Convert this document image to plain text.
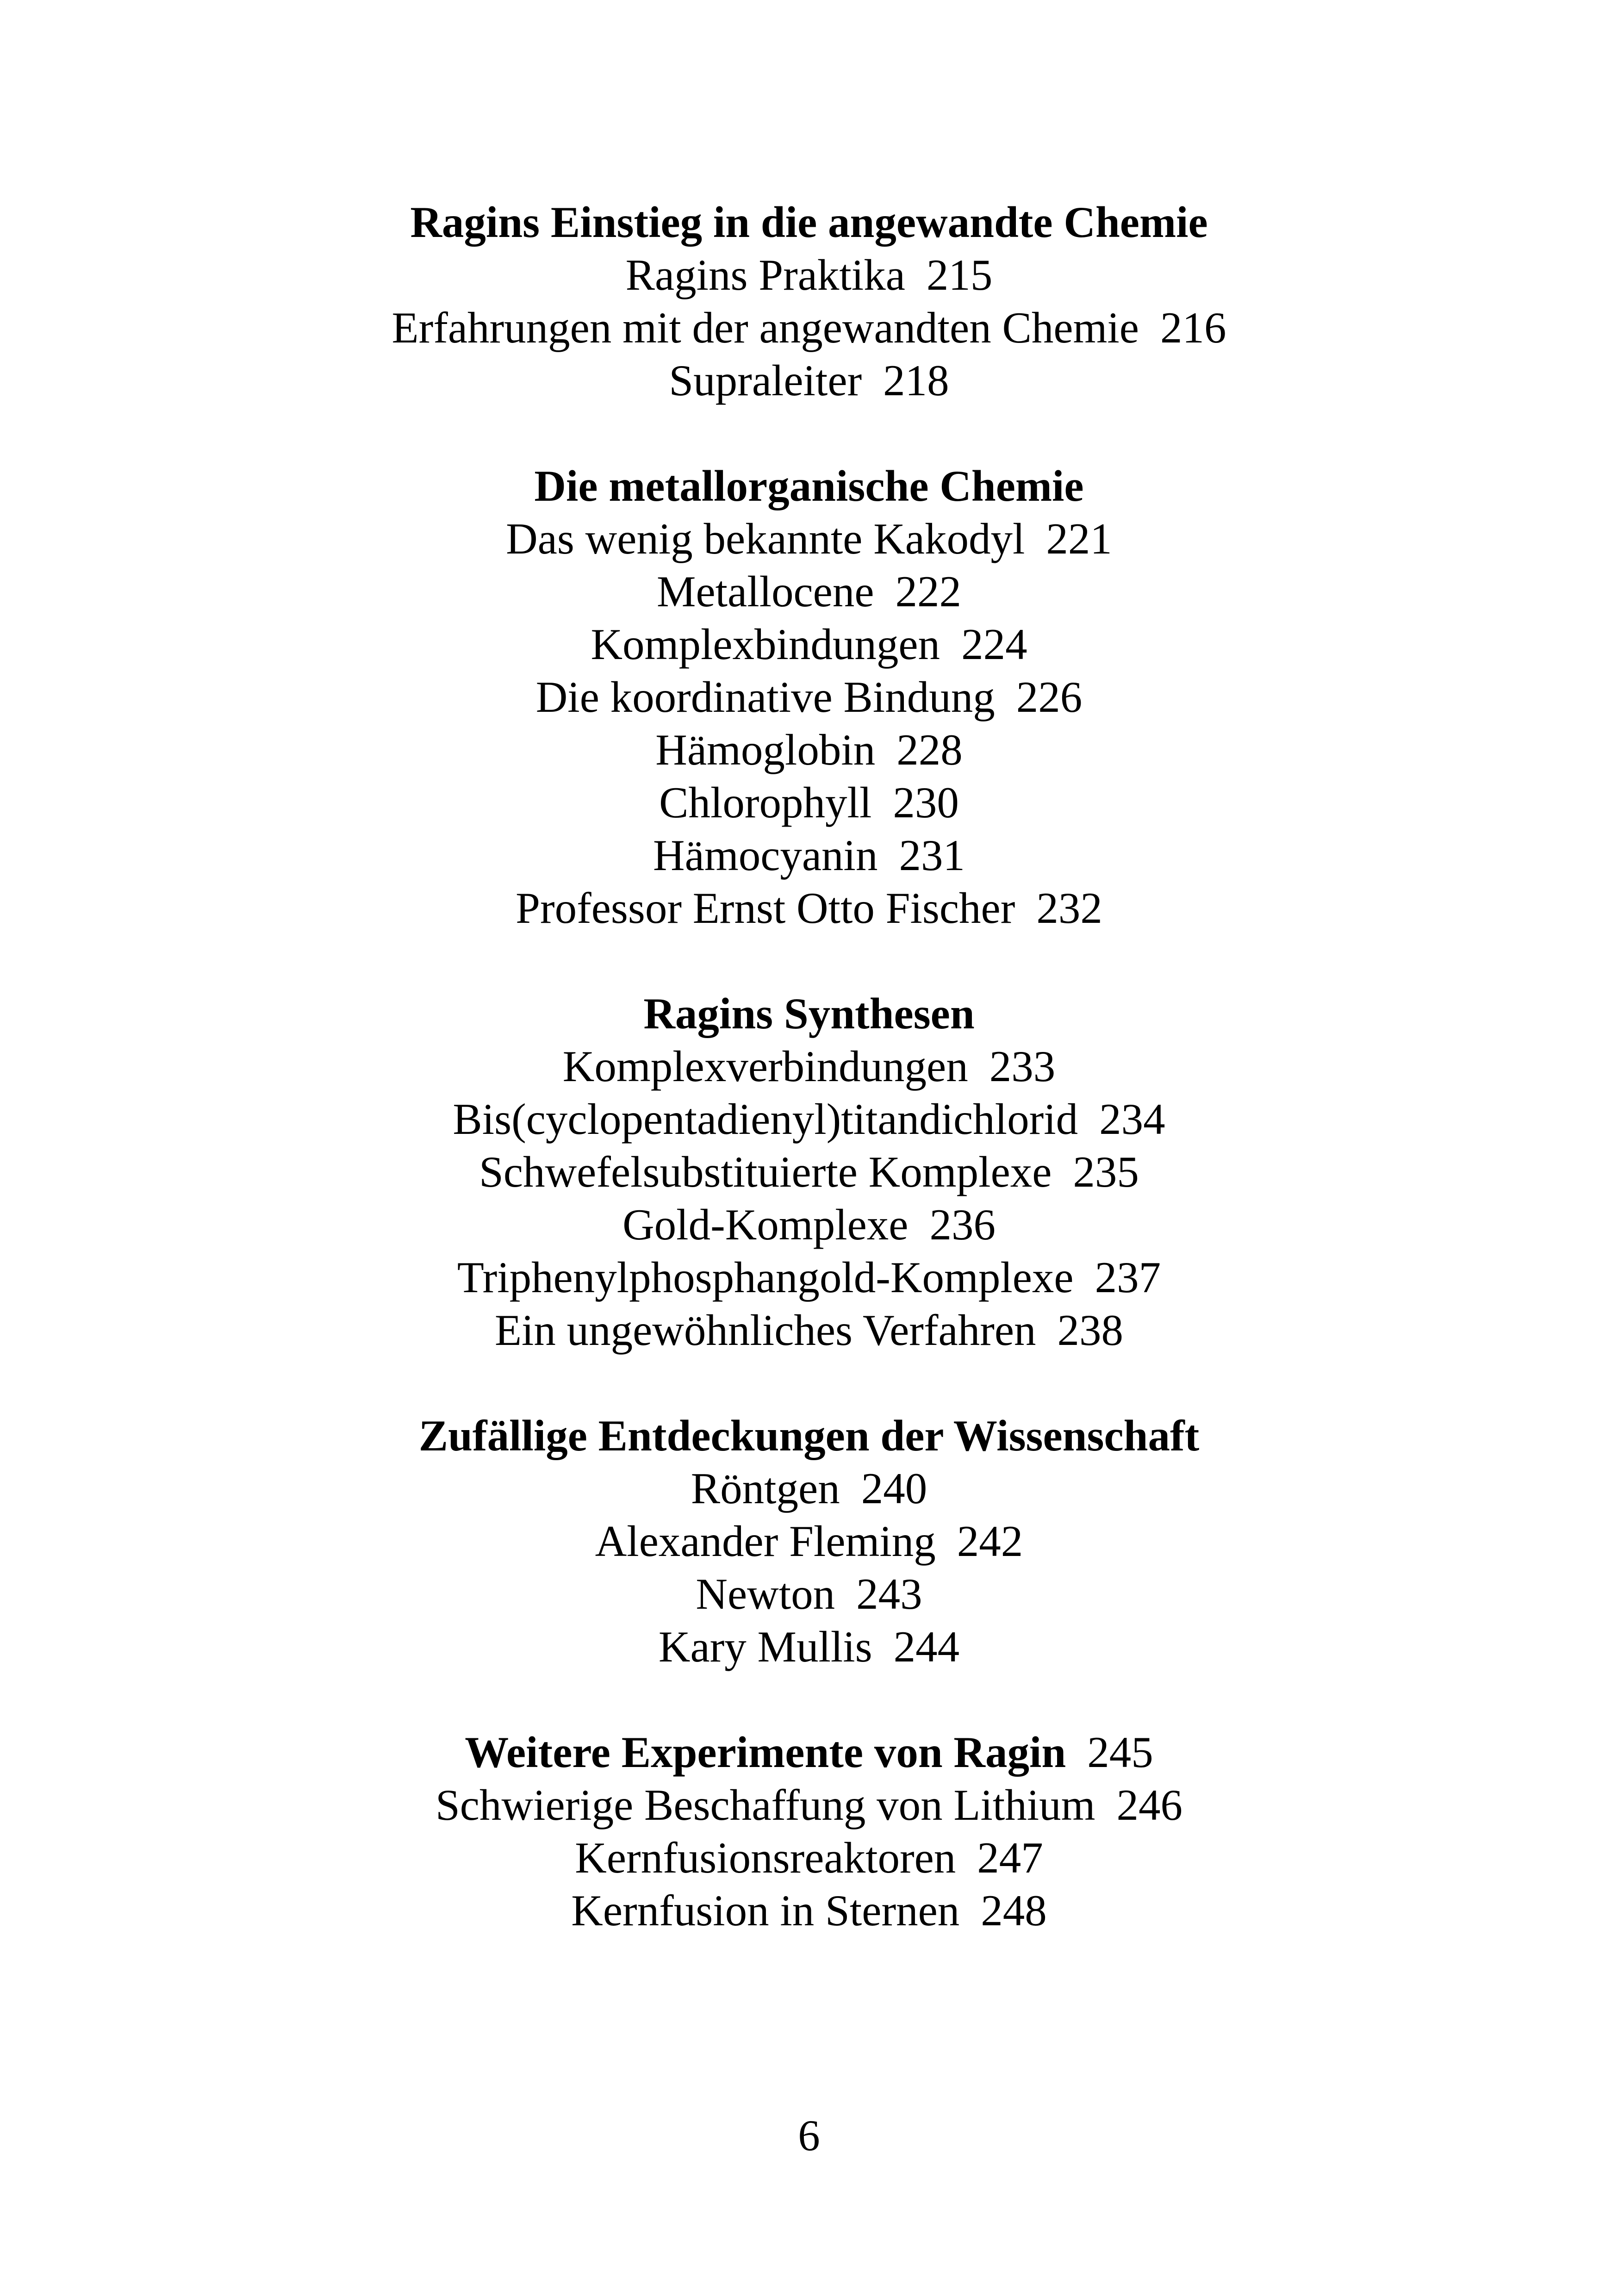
Ragins Einstieg in die angewandte Chemie
Ragins Praktika 215
Erfahrungen mit der angewandten Chemie 216
Supraleiter 218
Die metallorganische Chemie
Das wenig bekannte Kakodyl 221
Metallocene 222
Komplexbindungen 224
Die koordinative Bindung 226
Hämoglobin 228
Chlorophyll 230
Hämocyanin 231
Professor Ernst Otto Fischer 232
Ragins Synthesen
Komplexverbindungen 233
Bis(cyclopentadienyl)titandichlorid 234
Schwefelsubstituierte Komplexe 235
Gold-Komplexe 236
Triphenylphosphangold-Komplexe 237
Ein ungewöhnliches Verfahren 238
Zufällige Entdeckungen der Wissenschaft
Röntgen 240
Alexander Fleming 242
Newton 243
Kary Mullis 244
Weitere Experimente von Ragin 245
Schwierige Beschaffung von Lithium 246
Kernfusionsreaktoren 247
Kernfusion in Sternen 248
6
